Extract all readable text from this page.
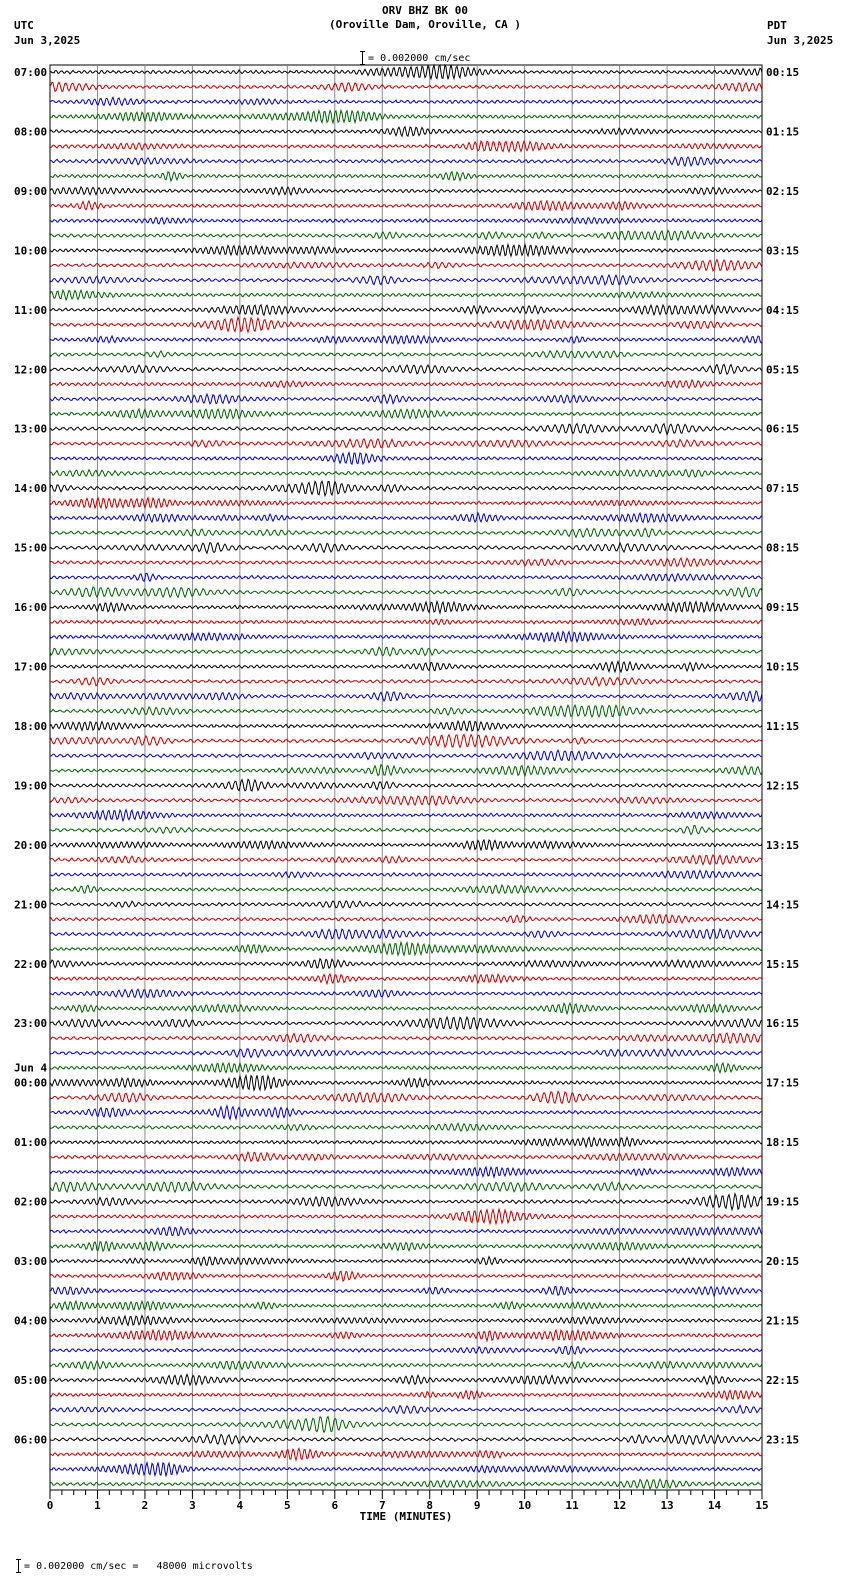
ORV BHZ BK 00
(Oroville Dam, Oroville, CA )
UTC
Jun 3,2025
PDT
Jun 3,2025

= 0.002000 cm/sec

07:00	00:15
08:00	01:15
09:00	02:15
10:00	03:15
11:00	04:15
12:00	05:15
13:00	06:15
14:00	07:15
15:00	08:15
16:00	09:15
17:00	10:15
18:00	11:15
19:00	12:15
20:00	13:15
21:00	14:15
22:00	15:15
23:00	16:15
00:00	17:15
01:00	18:15
02:00	19:15
03:00	20:15
04:00	21:15
05:00	22:15
06:00	23:15
Jun 4
0	1	2	3	4	5	6	7	8	9	10	11	12	13	14	15
TIME (MINUTES)

= 0.002000 cm/sec =   48000 microvolts
